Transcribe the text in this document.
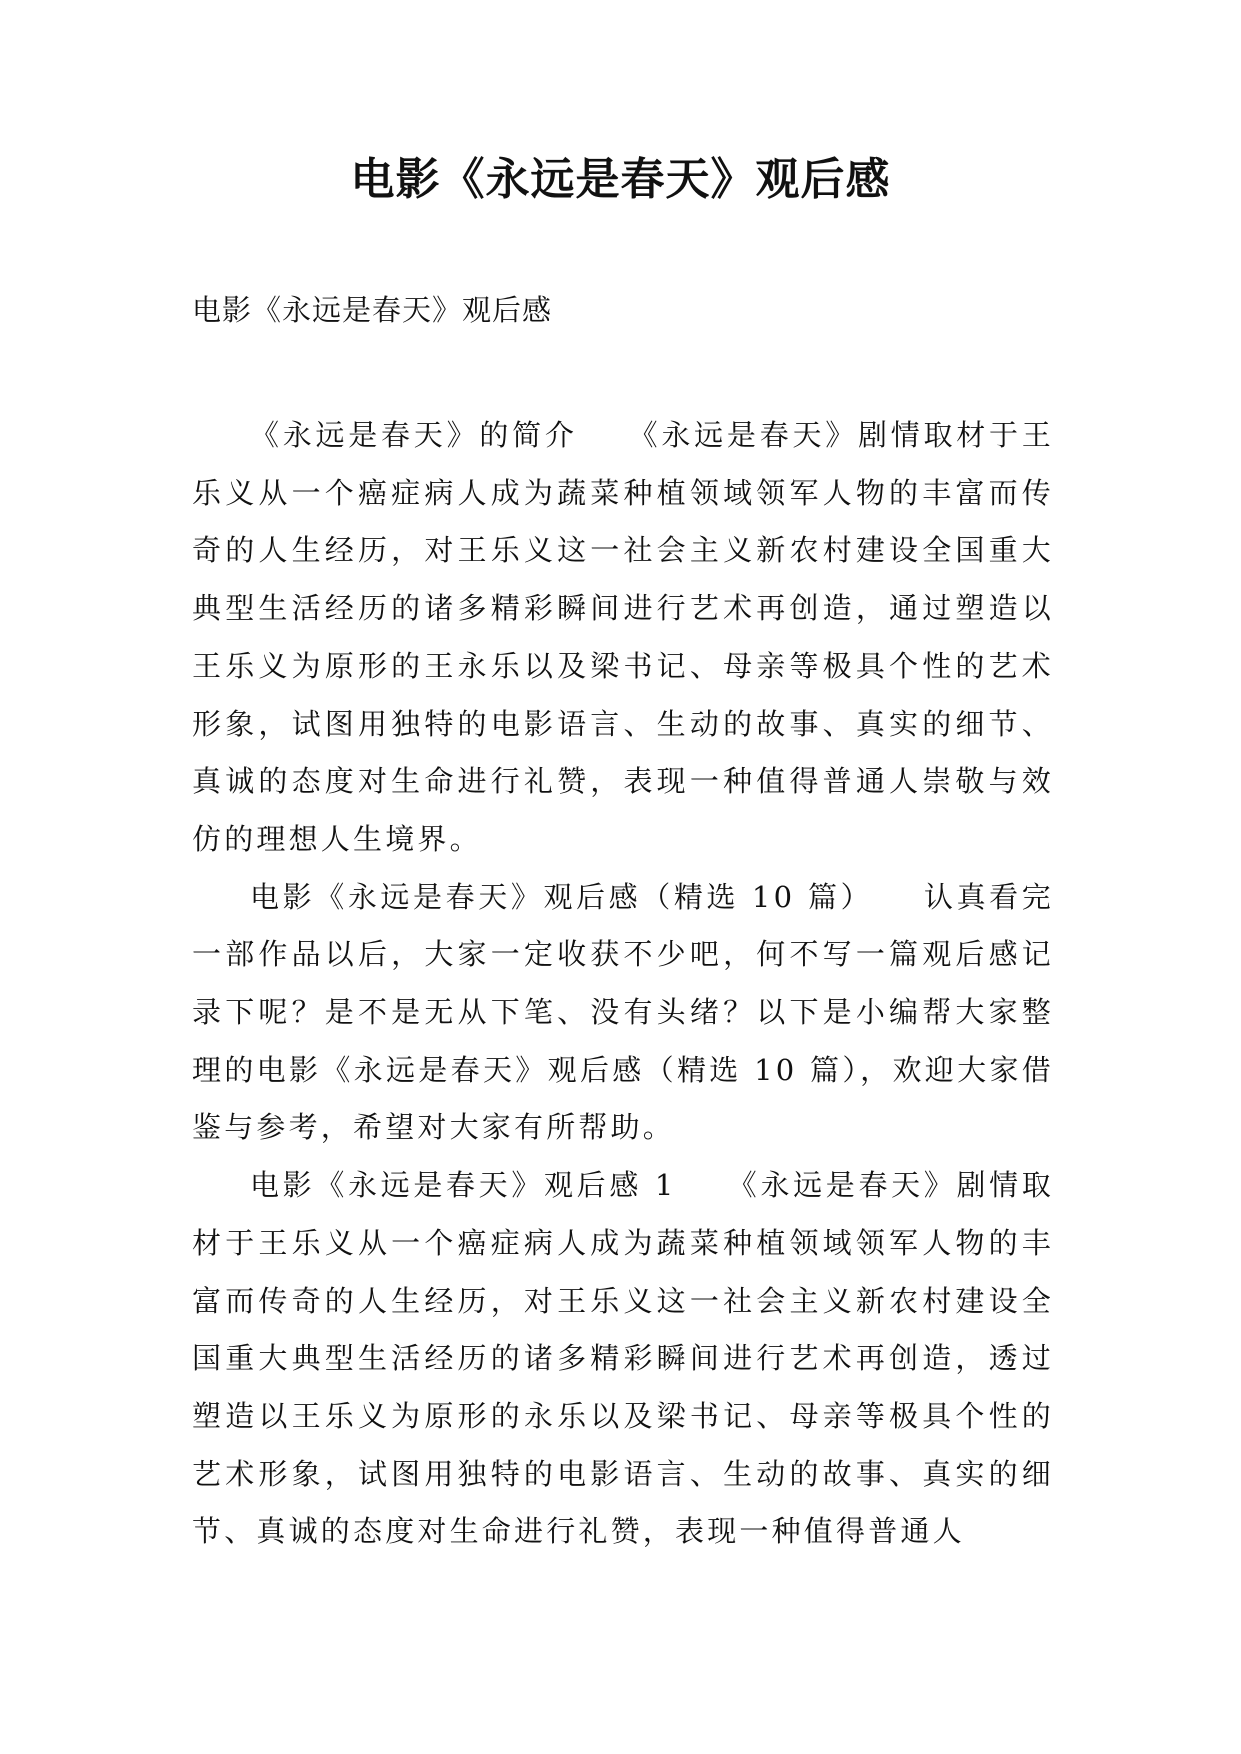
电影《永远是春天》观后感
电影《永远是春天》观后感

《永远是春天》的简介　　《永远是春天》剧情取材于王乐义从一个癌症病人成为蔬菜种植领域领军人物的丰富而传奇的人生经历，对王乐义这一社会主义新农村建设全国重大典型生活经历的诸多精彩瞬间进行艺术再创造，通过塑造以王乐义为原形的王永乐以及梁书记、母亲等极具个性的艺术形象，试图用独特的电影语言、生动的故事、真实的细节、真诚的态度对生命进行礼赞，表现一种值得普通人崇敬与效仿的理想人生境界。

电影《永远是春天》观后感（精选 10 篇）　　认真看完一部作品以后，大家一定收获不少吧，何不写一篇观后感记录下呢？是不是无从下笔、没有头绪？以下是小编帮大家整理的电影《永远是春天》观后感（精选 10 篇），欢迎大家借鉴与参考，希望对大家有所帮助。

电影《永远是春天》观后感 1　　《永远是春天》剧情取材于王乐义从一个癌症病人成为蔬菜种植领域领军人物的丰富而传奇的人生经历，对王乐义这一社会主义新农村建设全国重大典型生活经历的诸多精彩瞬间进行艺术再创造，透过塑造以王乐义为原形的永乐以及梁书记、母亲等极具个性的艺术形象，试图用独特的电影语言、生动的故事、真实的细节、真诚的态度对生命进行礼赞，表现一种值得普通人
